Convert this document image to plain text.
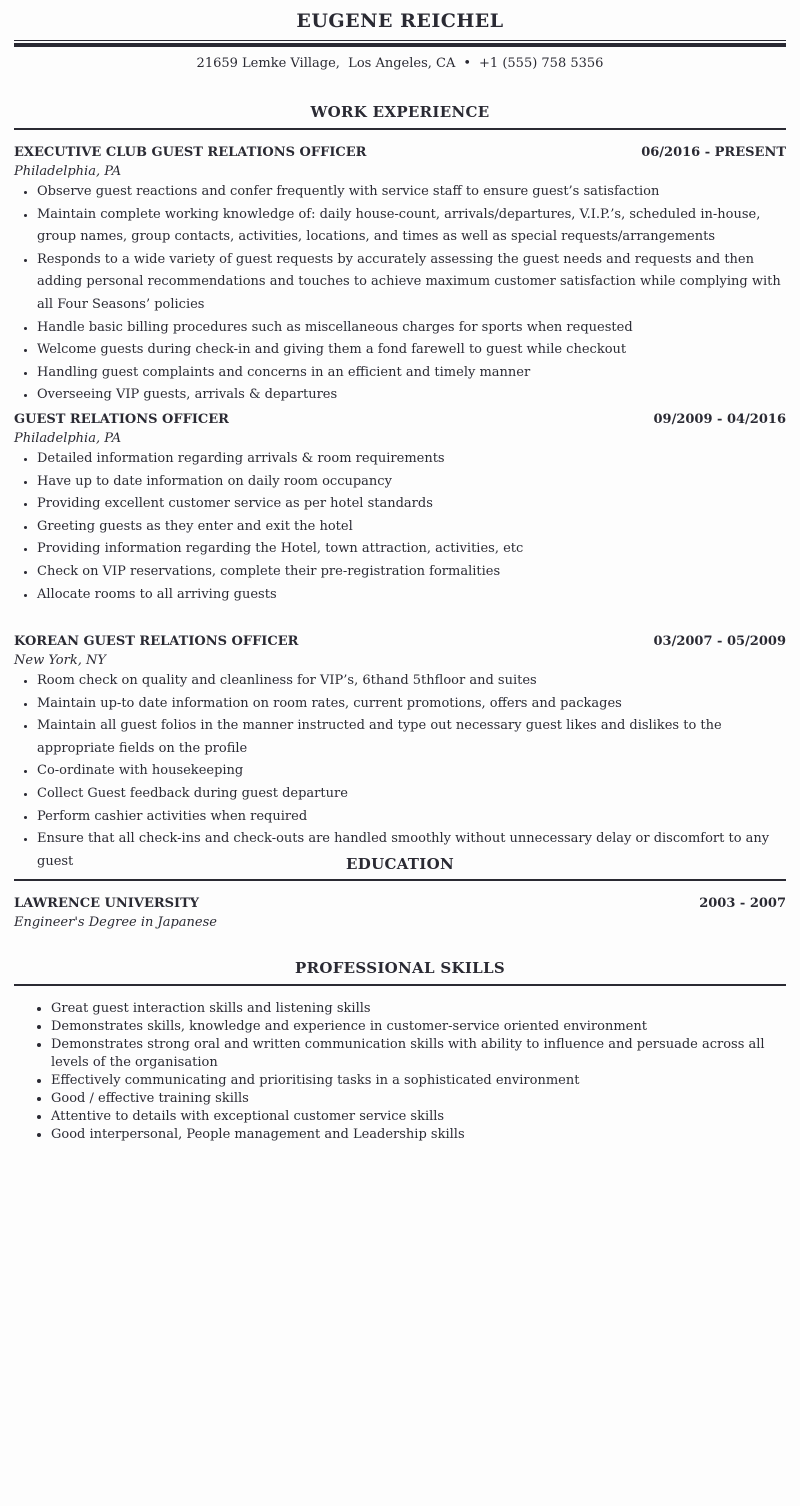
EUGENE REICHEL
21659 Lemke Village,  Los Angeles, CA • +1 (555) 758 5356
WORK EXPERIENCE
EXECUTIVE CLUB GUEST RELATIONS OFFICER	06/2016 - PRESENT
Philadelphia, PA
• Observe guest reactions and confer frequently with service staff to ensure guest’s satisfaction
• Maintain complete working knowledge of: daily house-count, arrivals/departures, V.I.P.’s, scheduled in-house, group names, group contacts, activities, locations, and times as well as special requests/arrangements
• Responds to a wide variety of guest requests by accurately assessing the guest needs and requests and then adding personal recommendations and touches to achieve maximum customer satisfaction while complying with all Four Seasons’ policies
• Handle basic billing procedures such as miscellaneous charges for sports when requested
• Welcome guests during check-in and giving them a fond farewell to guest while checkout
• Handling guest complaints and concerns in an efficient and timely manner
• Overseeing VIP guests, arrivals & departures
GUEST RELATIONS OFFICER	09/2009 - 04/2016
Philadelphia, PA
• Detailed information regarding arrivals & room requirements
• Have up to date information on daily room occupancy
• Providing excellent customer service as per hotel standards
• Greeting guests as they enter and exit the hotel
• Providing information regarding the Hotel, town attraction, activities, etc
• Check on VIP reservations, complete their pre-registration formalities
• Allocate rooms to all arriving guests
KOREAN GUEST RELATIONS OFFICER	03/2007 - 05/2009
New York, NY
• Room check on quality and cleanliness for VIP’s, 6thand 5thfloor and suites
• Maintain up-to date information on room rates, current promotions, offers and packages
• Maintain all guest folios in the manner instructed and type out necessary guest likes and dislikes to the appropriate fields on the profile
• Co-ordinate with housekeeping
• Collect Guest feedback during guest departure
• Perform cashier activities when required
• Ensure that all check-ins and check-outs are handled smoothly without unnecessary delay or discomfort to any guest	EDUCATION
LAWRENCE UNIVERSITY	2003 - 2007
Engineer's Degree in Japanese
PROFESSIONAL SKILLS
• Great guest interaction skills and listening skills
• Demonstrates skills, knowledge and experience in customer-service oriented environment
• Demonstrates strong oral and written communication skills with ability to influence and persuade across all levels of the organisation
• Effectively communicating and prioritising tasks in a sophisticated environment
• Good / effective training skills
• Attentive to details with exceptional customer service skills
• Good interpersonal, People management and Leadership skills
